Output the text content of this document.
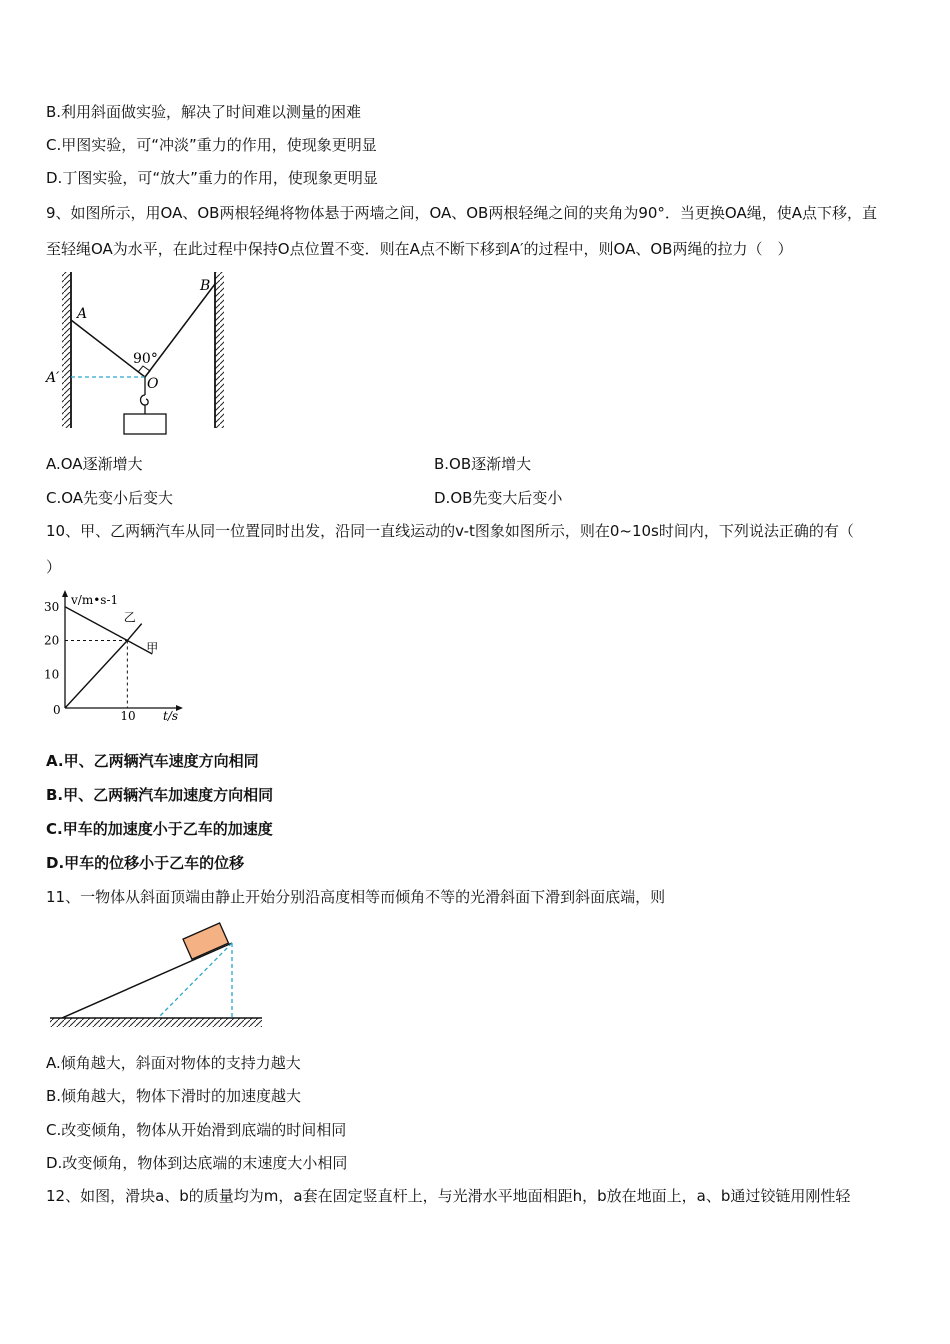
B.利用斜面做实验，解决了时间难以测量的困难
C.甲图实验，可“冲淡”重力的作用，使现象更明显
D.丁图实验，可“放大”重力的作用，使现象更明显
9、如图所示，用OA、OB两根轻绳将物体悬于两墙之间，OA、OB两根轻绳之间的夹角为90°．当更换OA绳，使A点下移，直
至轻绳OA为水平，在此过程中保持O点位置不变．则在A点不断下移到A′的过程中，则OA、OB两绳的拉力（　）
A
B
A′	O
90°
A.OA逐渐增大	B.OB逐渐增大
C.OA先变小后变大	D.OB先变大后变小
10、甲、乙两辆汽车从同一位置同时出发，沿同一直线运动的v-t图象如图所示，则在0~10s时间内，下列说法正确的有（
）
0
10
20
30
10
甲
乙
v/m•s-1
t/s
A.甲、乙两辆汽车速度方向相同
B.甲、乙两辆汽车加速度方向相同
C.甲车的加速度小于乙车的加速度
D.甲车的位移小于乙车的位移
11、一物体从斜面顶端由静止开始分别沿高度相等而倾角不等的光滑斜面下滑到斜面底端，则
A.倾角越大，斜面对物体的支持力越大
B.倾角越大，物体下滑时的加速度越大
C.改变倾角，物体从开始滑到底端的时间相同
D.改变倾角，物体到达底端的末速度大小相同
12、如图，滑块a、b的质量均为m，a套在固定竖直杆上，与光滑水平地面相距h，b放在地面上，a、b通过铰链用刚性轻
